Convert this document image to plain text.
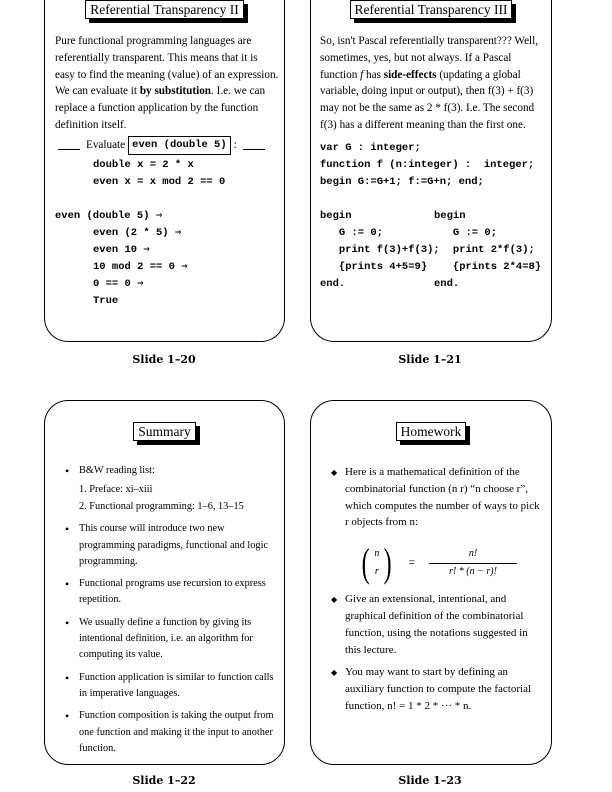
Referential Transparency II

Pure functional programming languages are referentially transparent. This means that it is easy to find the meaning (value) of an expression. We can evaluate it by substitution. I.e. we can replace a function application by the function definition itself.

Evaluate even (double 5) :
double x = 2 * x
even x = x mod 2 == 0
even (double 5) ⇒
even (2 * 5) ⇒
even 10 ⇒
10 mod 2 == 0 ⇒
0 == 0 ⇒
True
Slide 1–20
Referential Transparency III

So, isn't Pascal referentially transparent??? Well, sometimes, yes, but not always. If a Pascal function f has side-effects (updating a global variable, doing input or output), then f(3) + f(3) may not be the same as 2 * f(3). I.e. The second f(3) has a different meaning than the first one.

var G : integer;
function f (n:integer) :  integer;
begin G:=G+1; f:=G+n; end;
begin
G := 0;
print f(3)+f(3);
{prints 4+5=9}
end.
begin
G := 0;
print 2*f(3);
{prints 2*4=8}
end.
Slide 1–21
Summary
• B&W reading list:
1. Preface: xi–xiii
2. Functional programming: 1–6, 13–15
• This course will introduce two new programming paradigms, functional and logic programming.
• Functional programs use recursion to express repetition.
• We usually define a function by giving its intentional definition, i.e. an algorithm for computing its value.
• Function application is similar to function calls in imperative languages.
• Function composition is taking the output from one function and making it the input to another function.
Slide 1–22
Homework
◆ Here is a mathematical definition of the combinatorial function (n r) “n choose r”, which computes the number of ways to pick r objects from n:
( n
r ) = $\frac{n!}{r! * (n - r)!}$
◆ Give an extensional, intentional, and graphical definition of the combinatorial function, using the notations suggested in this lecture.
◆ You may want to start by defining an auxiliary function to compute the factorial function, n! = 1 * 2 * ··· * n.
Slide 1–23
